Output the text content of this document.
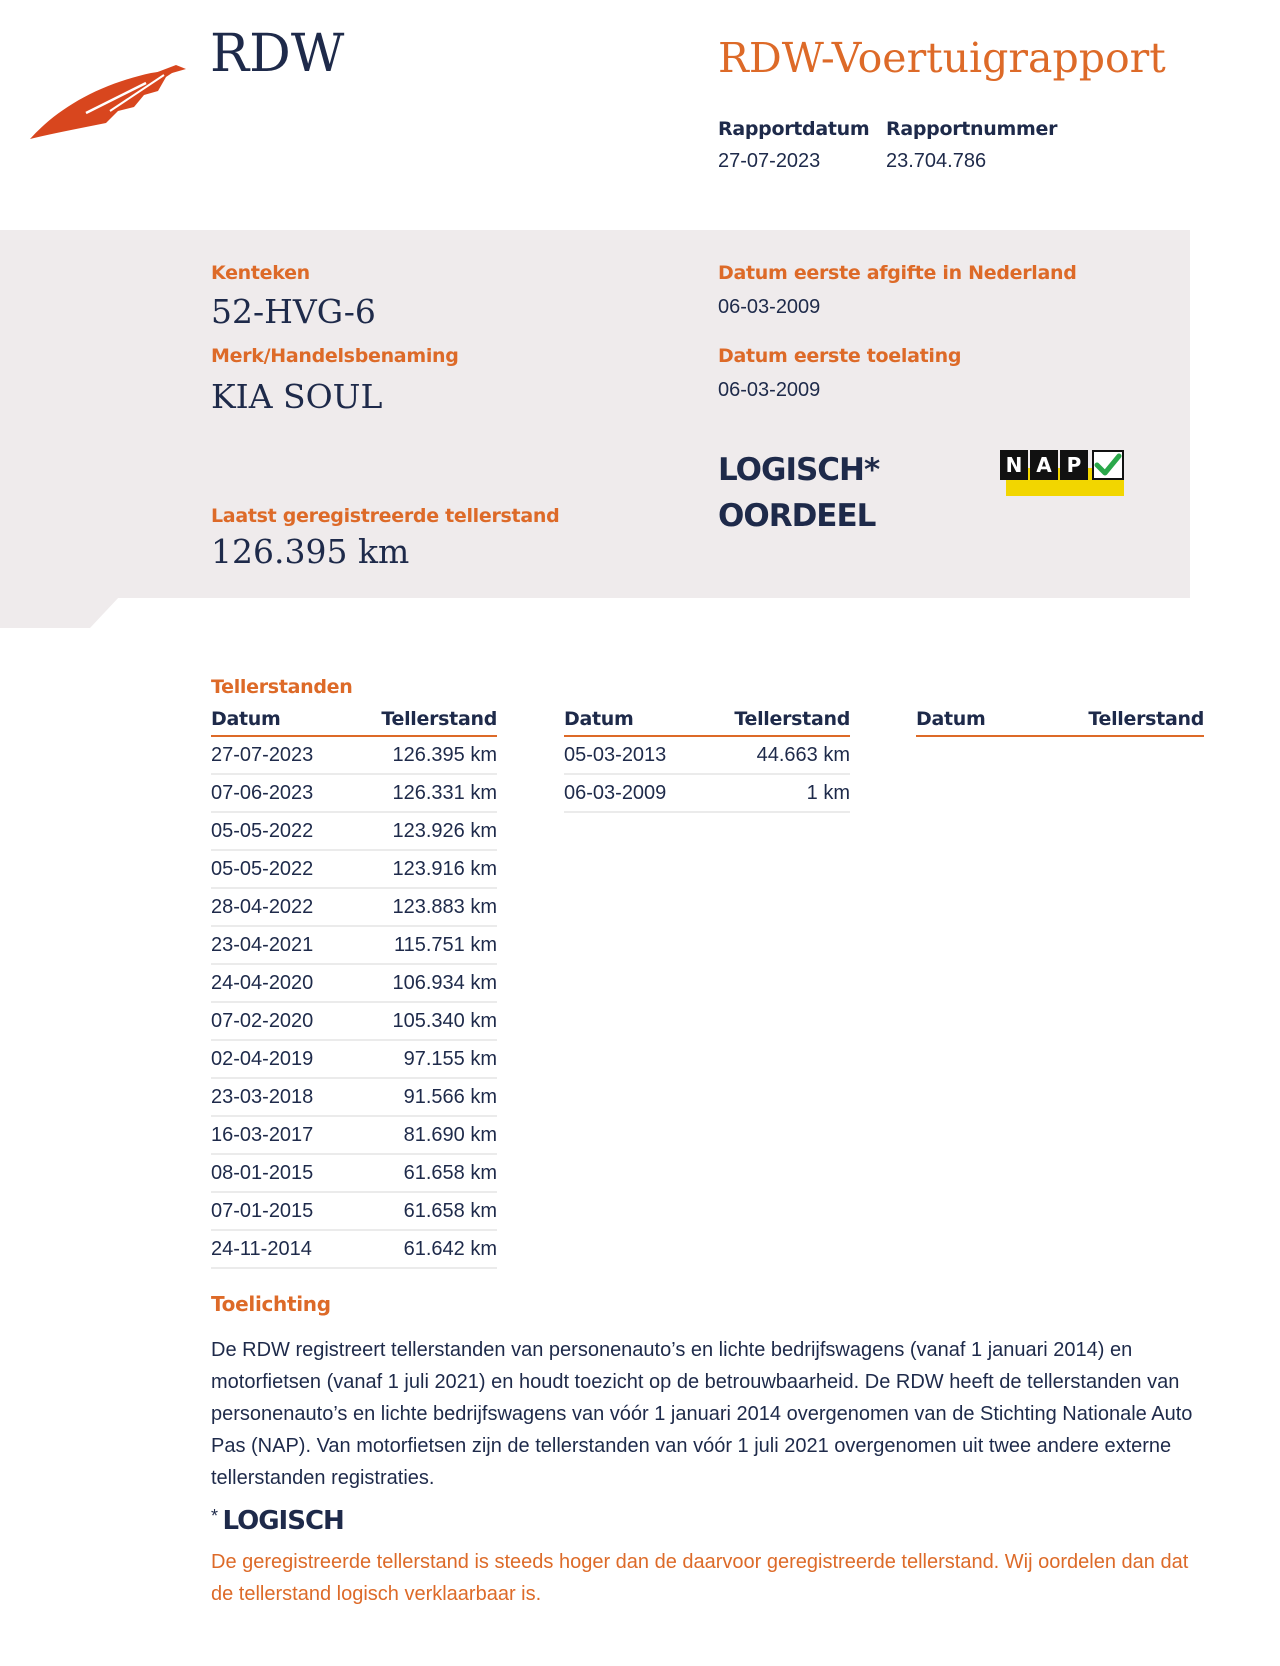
RDW	RDW-Voertuigrapport
Rapportdatum
27-07-2023
Rapportnummer
23.704.786
Kenteken
52-HVG-6
Merk/Handelsbenaming
KIA SOUL
Laatst geregistreerde tellerstand
126.395 km
Datum eerste afgifte in Nederland
06-03-2009
Datum eerste toelating
06-03-2009
LOGISCH*
OORDEEL
N A P
Tellerstanden
Datum	Tellerstand
27-07-2023	126.395 km
07-06-2023	126.331 km
05-05-2022	123.926 km
05-05-2022	123.916 km
28-04-2022	123.883 km
23-04-2021	115.751 km
24-04-2020	106.934 km
07-02-2020	105.340 km
02-04-2019	97.155 km
23-03-2018	91.566 km
16-03-2017	81.690 km
08-01-2015	61.658 km
07-01-2015	61.658 km
24-11-2014	61.642 km
Datum	Tellerstand
05-03-2013	44.663 km
06-03-2009	1 km
Datum	Tellerstand
Toelichting
De RDW registreert tellerstanden van personenauto’s en lichte bedrijfswagens (vanaf 1 januari 2014) en motorfietsen (vanaf 1 juli 2021) en houdt toezicht op de betrouwbaarheid. De RDW heeft de tellerstanden van personenauto’s en lichte bedrijfswagens van vóór 1 januari 2014 overgenomen van de Stichting Nationale Auto Pas (NAP). Van motorfietsen zijn de tellerstanden van vóór 1 juli 2021 overgenomen uit twee andere externe tellerstanden registraties.
* LOGISCH
De geregistreerde tellerstand is steeds hoger dan de daarvoor geregistreerde tellerstand. Wij oordelen dan dat de tellerstand logisch verklaarbaar is.
